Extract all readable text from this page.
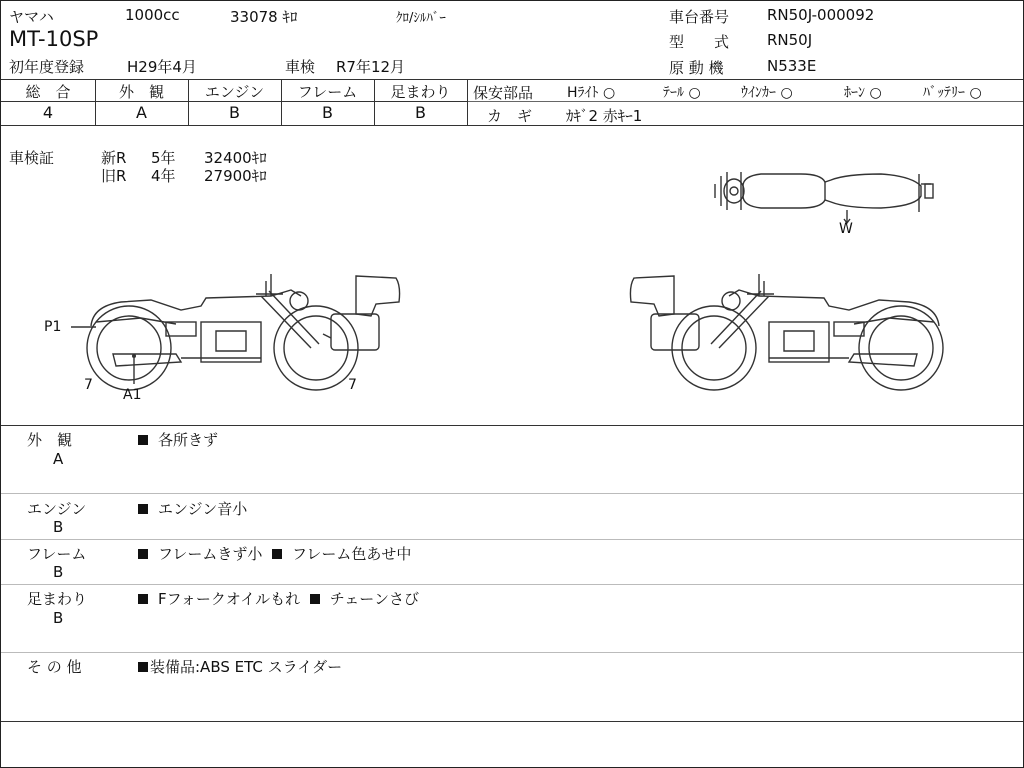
ヤマハ	1000cc	33078 ｷﾛ	ｸﾛ/ｼﾙﾊﾞｰ
MT-10SP
初年度登録	H29年4月	車検 R7年12月
車台番号	RN50J-000092
型　　式	RN50J
原 動 機	N533E
総　合	外　観	エンジン	フレーム	足まわり
4	A	B	B	B
保安部品 Hﾗｲﾄ ○	ﾃｰﾙ ○	ｳｲﾝｶｰ ○	ﾎｰﾝ ○	ﾊﾞｯﾃﾘｰ ○
カ　ギ ｶｷﾞ2 赤ｷｰ1
車検証	新R 5年 32400ｷﾛ
旧R 4年 27900ｷﾛ
P1
7
A1
7
W
外　観
A
各所きず
エンジン
B
エンジン音小
フレーム
B
フレームきず小 フレーム色あせ中
足まわり
B
Fフォークオイルもれ チェーンさび
そ の 他	装備品:ABS ETC スライダー
